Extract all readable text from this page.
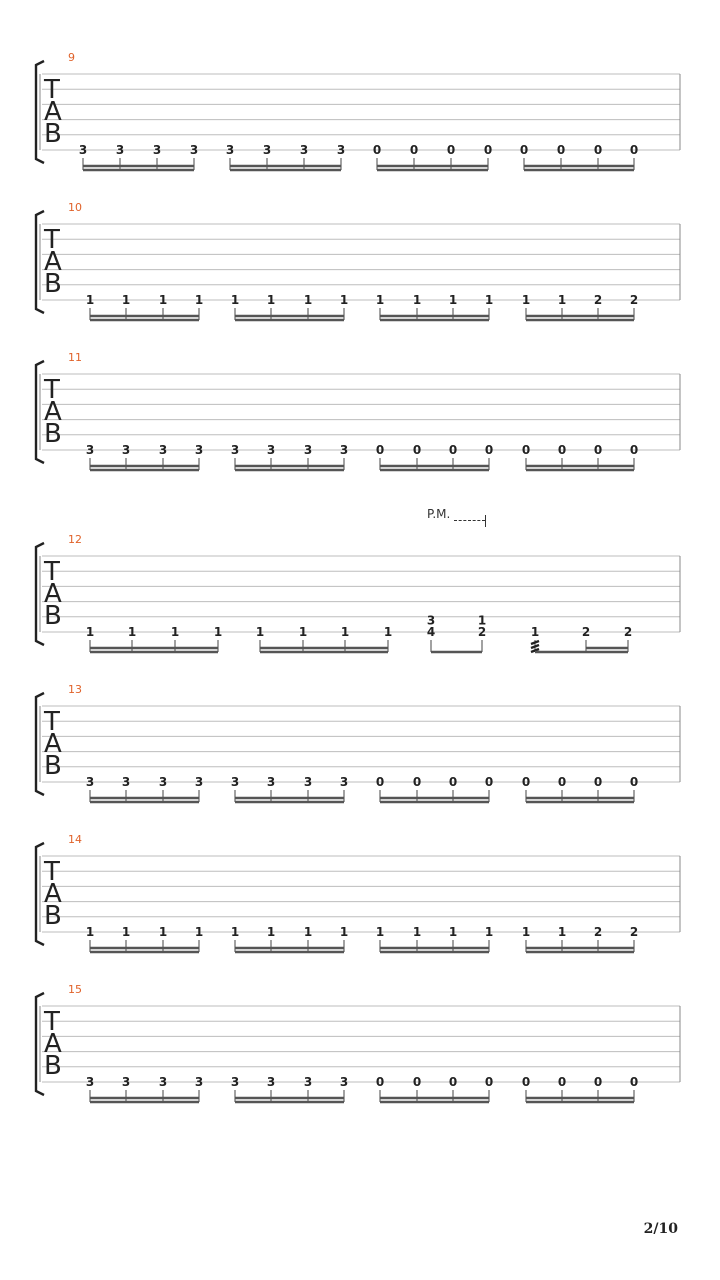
P.M.
2/10
9
T
A
B
3 3 3 3 3 3 3 3 0 0 0 0 0 0 0 0
10
T
A
B
1 1 1 1 1 1 1 1 1 1 1 1 1 1 2 2
11
T
A
B
3 3 3 3 3 3 3 3 0 0 0 0 0 0 0 0
12
T
A
B
1	1	1	1	1	1	1	1
3
4
1
2	1	2	2
13
T
A
B
3 3 3 3 3 3 3 3 0 0 0 0 0 0 0 0
14
T
A
B
1 1 1 1 1 1 1 1 1 1 1 1 1 1 2 2
15
T
A
B
3 3 3 3 3 3 3 3 0 0 0 0 0 0 0 0
